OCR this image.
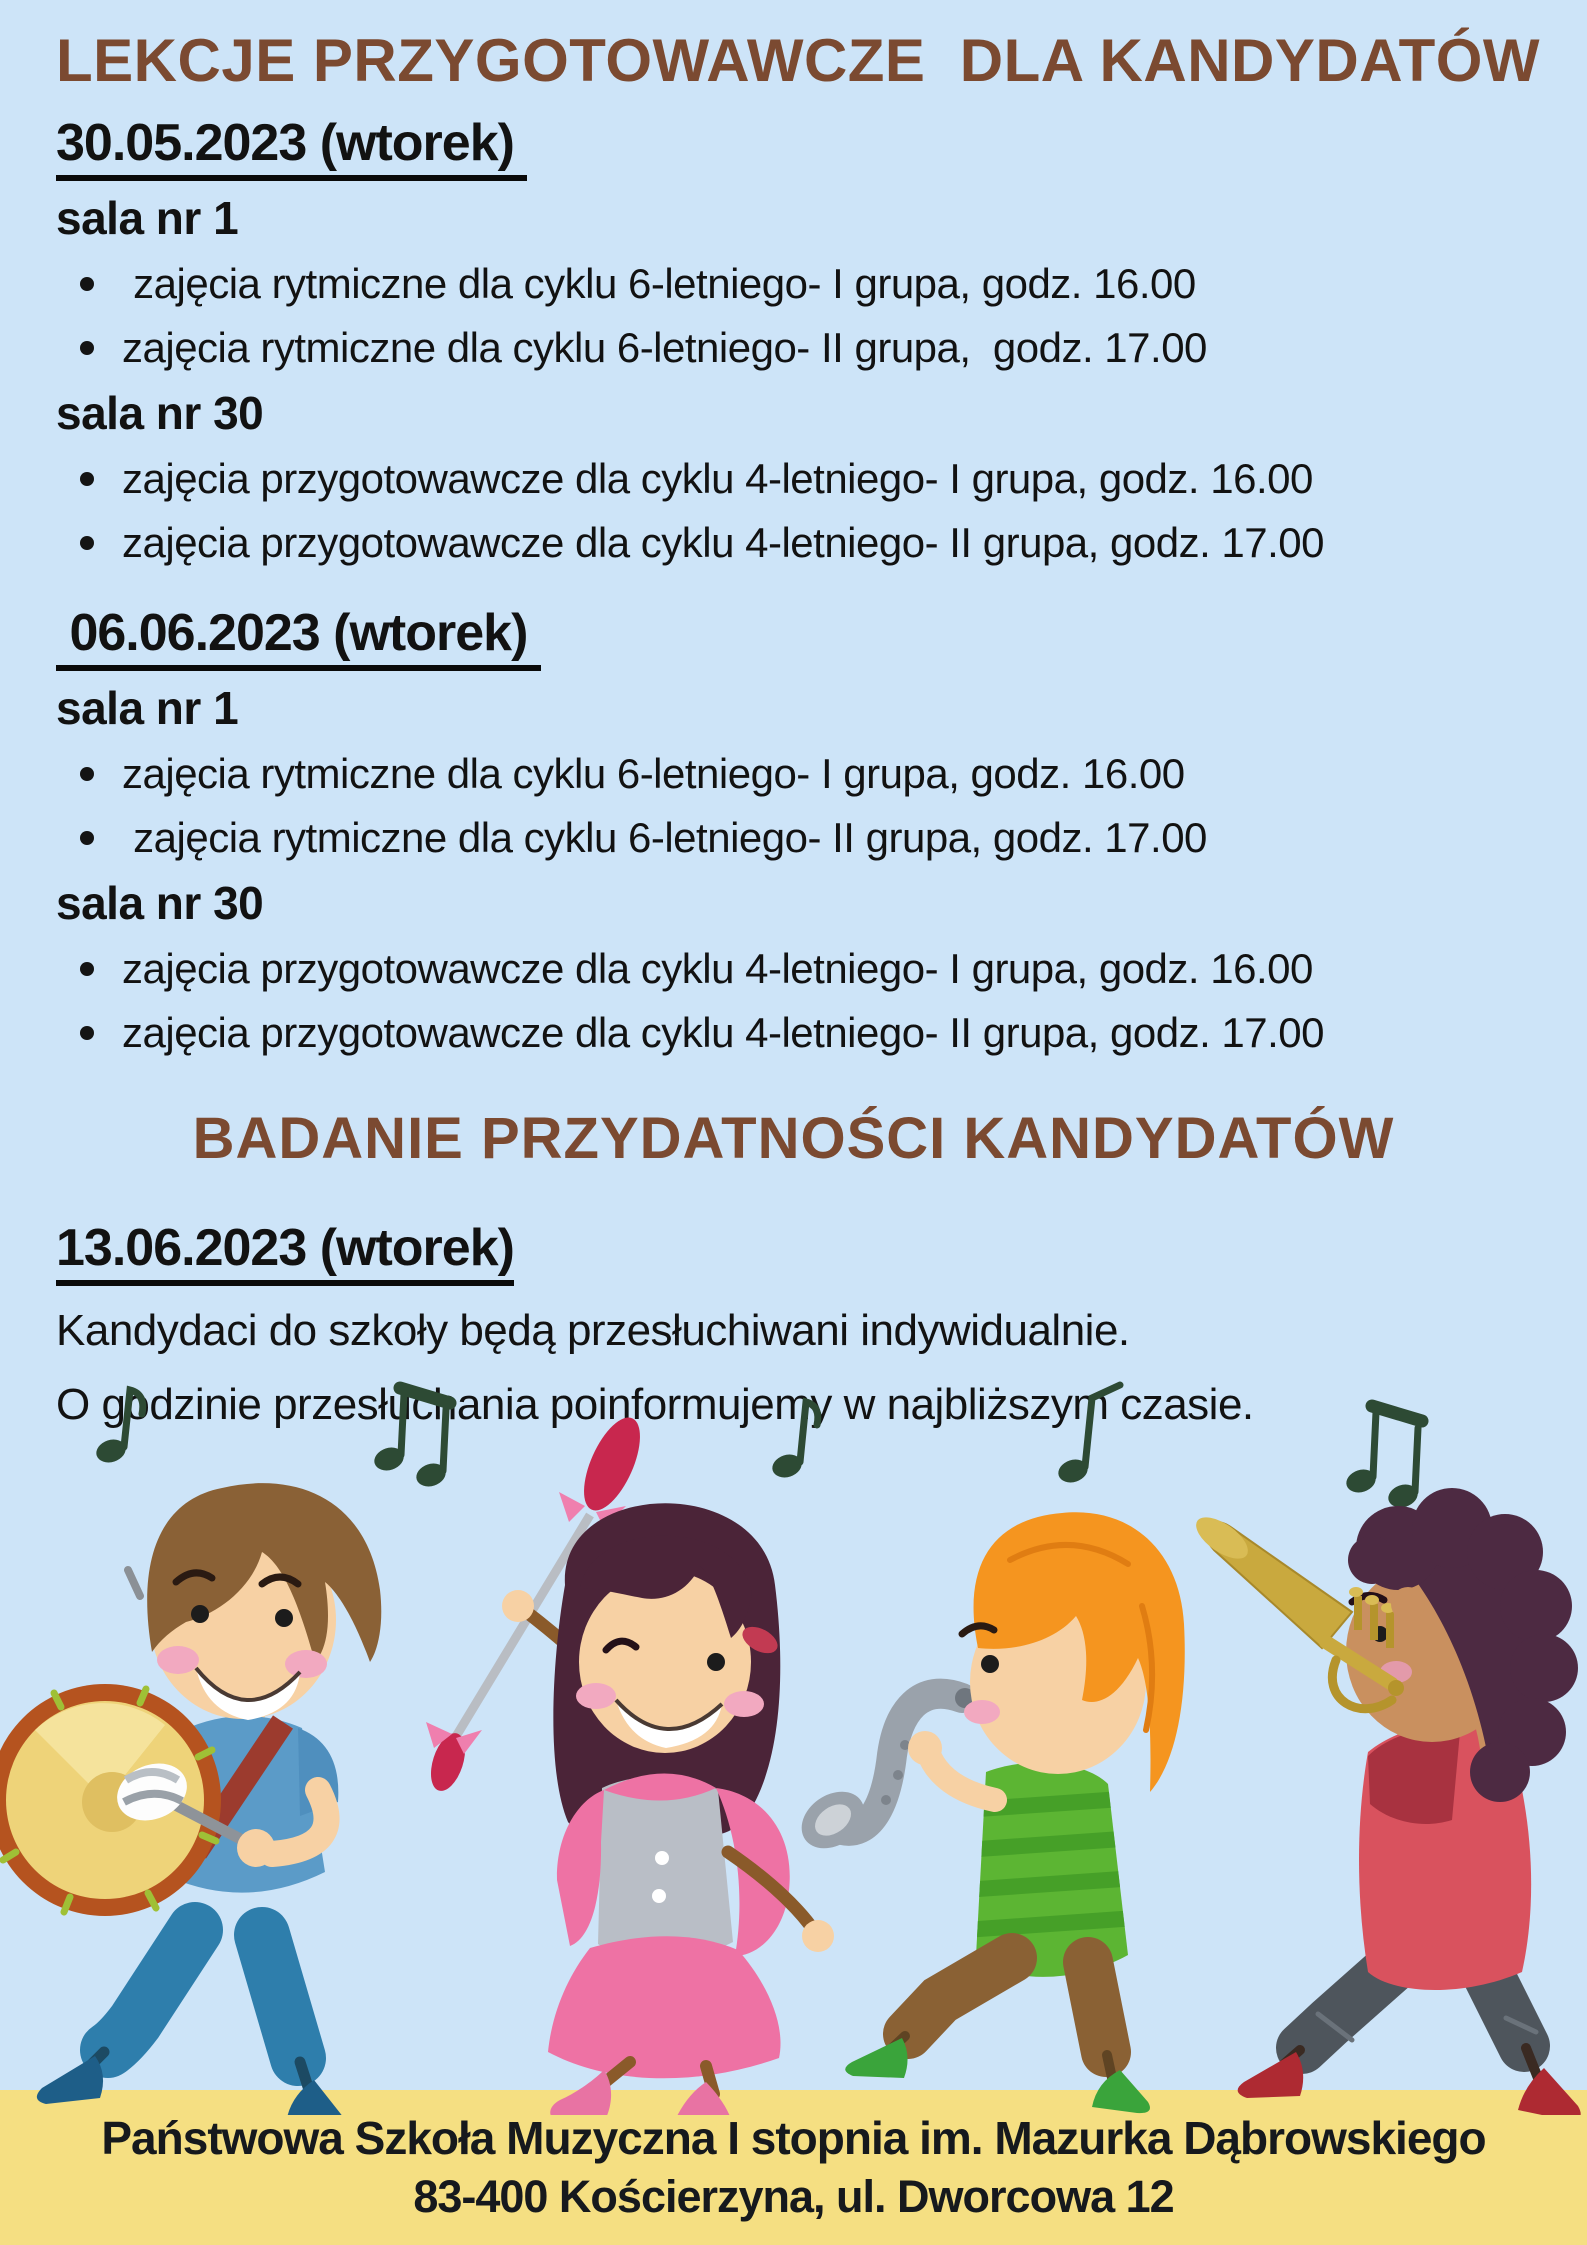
LEKCJE PRZYGOTOWAWCZE  DLA KANDYDATÓW
30.05.2023 (wtorek)
sala nr 1
zajęcia rytmiczne dla cyklu 6-letniego- I grupa, godz. 16.00
zajęcia rytmiczne dla cyklu 6-letniego- II grupa,  godz. 17.00
sala nr 30
zajęcia przygotowawcze dla cyklu 4-letniego- I grupa, godz. 16.00
zajęcia przygotowawcze dla cyklu 4-letniego- II grupa, godz. 17.00
06.06.2023 (wtorek)
sala nr 1
zajęcia rytmiczne dla cyklu 6-letniego- I grupa, godz. 16.00
zajęcia rytmiczne dla cyklu 6-letniego- II grupa, godz. 17.00
sala nr 30
zajęcia przygotowawcze dla cyklu 4-letniego- I grupa, godz. 16.00
zajęcia przygotowawcze dla cyklu 4-letniego- II grupa, godz. 17.00
BADANIE PRZYDATNOŚCI KANDYDATÓW
13.06.2023 (wtorek)
Kandydaci do szkoły będą przesłuchiwani indywidualnie.
O godzinie przesłuchania poinformujemy w najbliższym czasie.
Państwowa Szkoła Muzyczna I stopnia im. Mazurka Dąbrowskiego
83-400 Kościerzyna, ul. Dworcowa 12
